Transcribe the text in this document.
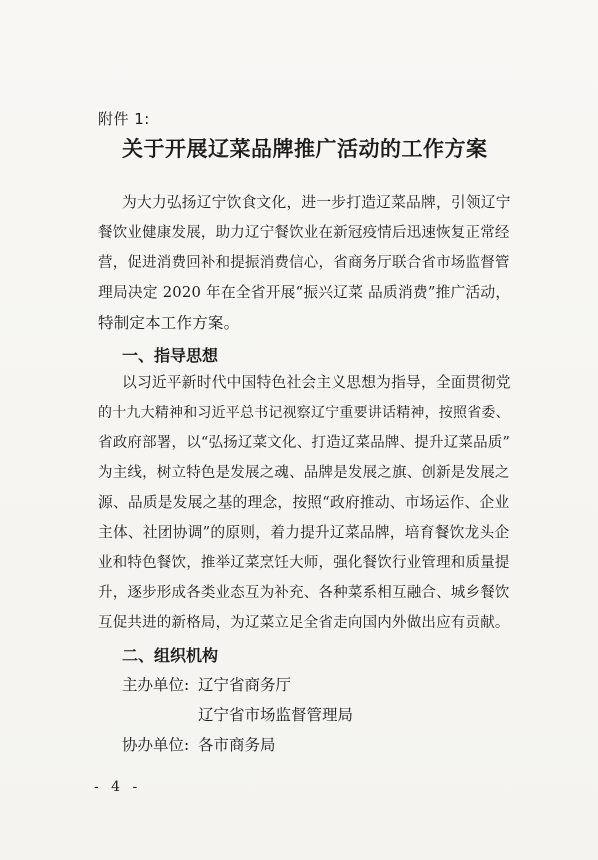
附件 1:
关于开展辽菜品牌推广活动的工作方案
为大力弘扬辽宁饮食文化，进一步打造辽菜品牌，引领辽宁
餐饮业健康发展，助力辽宁餐饮业在新冠疫情后迅速恢复正常经
营，促进消费回补和提振消费信心，省商务厅联合省市场监督管
理局决定 2020 年在全省开展“振兴辽菜 品质消费”推广活动，
特制定本工作方案。
一、指导思想
以习近平新时代中国特色社会主义思想为指导，全面贯彻党
的十九大精神和习近平总书记视察辽宁重要讲话精神，按照省委、
省政府部署，以“弘扬辽菜文化、打造辽菜品牌、提升辽菜品质”
为主线，树立特色是发展之魂、品牌是发展之旗、创新是发展之
源、品质是发展之基的理念，按照“政府推动、市场运作、企业
主体、社团协调”的原则，着力提升辽菜品牌，培育餐饮龙头企
业和特色餐饮，推举辽菜烹饪大师，强化餐饮行业管理和质量提
升，逐步形成各类业态互为补充、各种菜系相互融合、城乡餐饮
互促共进的新格局，为辽菜立足全省走向国内外做出应有贡献。
二、组织机构
主办单位: 辽宁省商务厅
辽宁省市场监督管理局
协办单位: 各市商务局
- 4 -
